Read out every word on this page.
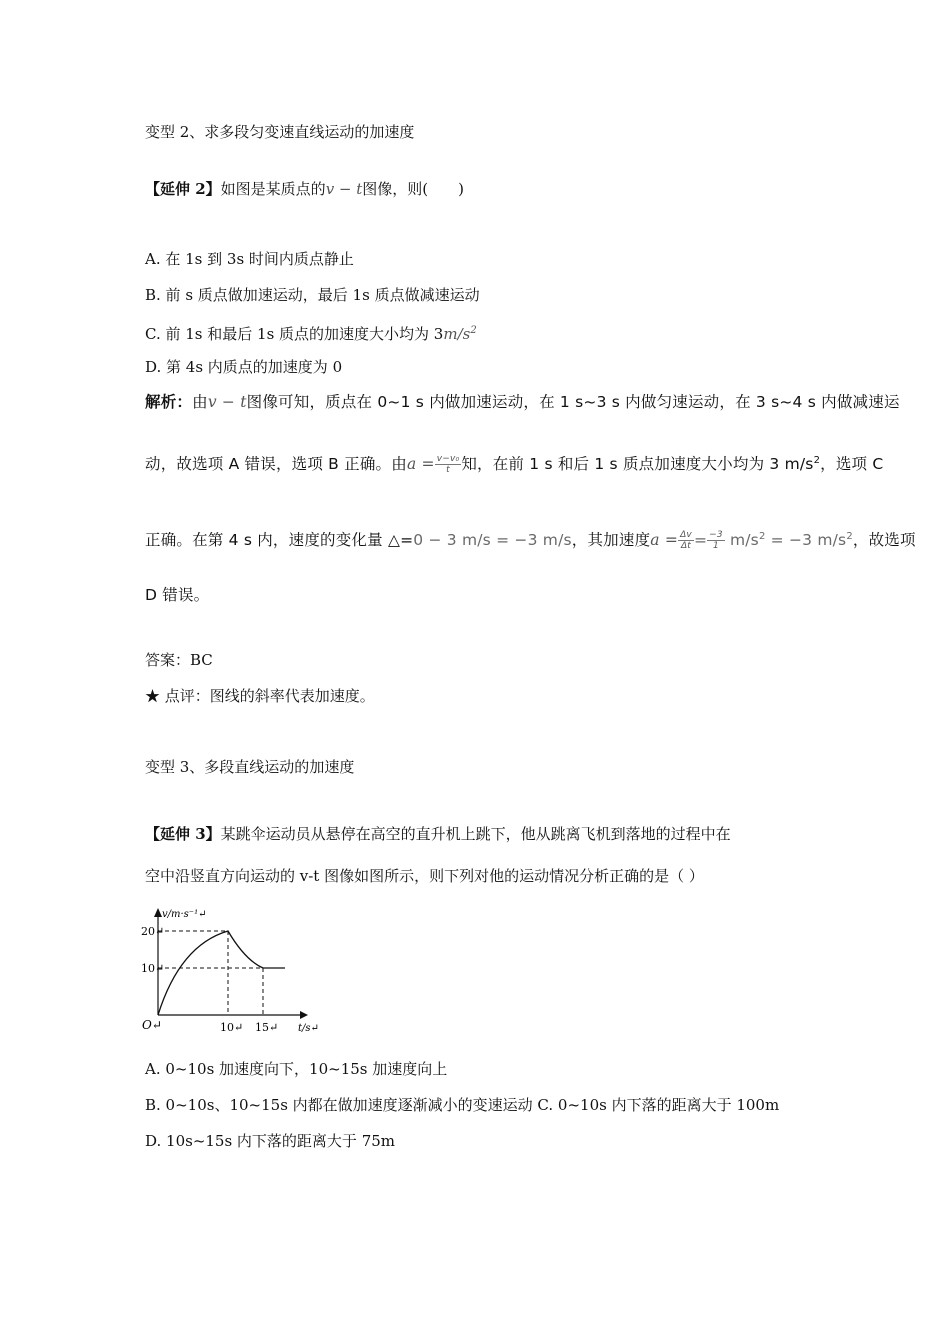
变型 2、求多段匀变速直线运动的加速度
【延伸 2】如图是某质点的v − t图像，则(　　)
A. 在 1s 到 3s 时间内质点静止
B. 前 s 质点做加速运动，最后 1s 质点做减速运动
C. 前 1s 和最后 1s 质点的加速度大小均为 $3m/s^2$
D. 第 4s 内质点的加速度为 0
解析：由v − t图像可知，质点在 0~1 s 内做加速运动，在 1 s~3 s 内做匀速运动，在 3 s~4 s 内做减速运
动，故选项 A 错误，选项 B 正确。由$a = \frac{\text{v−v₀}}{t}$ 知，在前 1 s 和后 1 s 质点加速度大小均为 3 $m/s^2$，选项 C
正确。在第 4 s 内，速度的变化量 △=0 − 3 m/s = −3 m/s，其加速度$a = \frac{\Delta v}{\Delta t} = \frac{-3}{1} m/s^2 = -3$ $m/s^2$，故选项
D 错误。
答案：BC
★ 点评：图线的斜率代表加速度。
变型 3、多段直线运动的加速度
【延伸 3】某跳伞运动员从悬停在高空的直升机上跳下，他从跳离飞机到落地的过程中在
空中沿竖直方向运动的 v-t 图像如图所示，则下列对他的运动情况分析正确的是（ ）
v/m·s⁻¹↵
20↵
10↵
O↵	10↵ 15↵ t/s↵
A. 0~10s 加速度向下，10~15s 加速度向上
B. 0~10s、10~15s 内都在做加速度逐渐减小的变速运动 C. 0~10s 内下落的距离大于 100m
D. 10s~15s 内下落的距离大于 75m
